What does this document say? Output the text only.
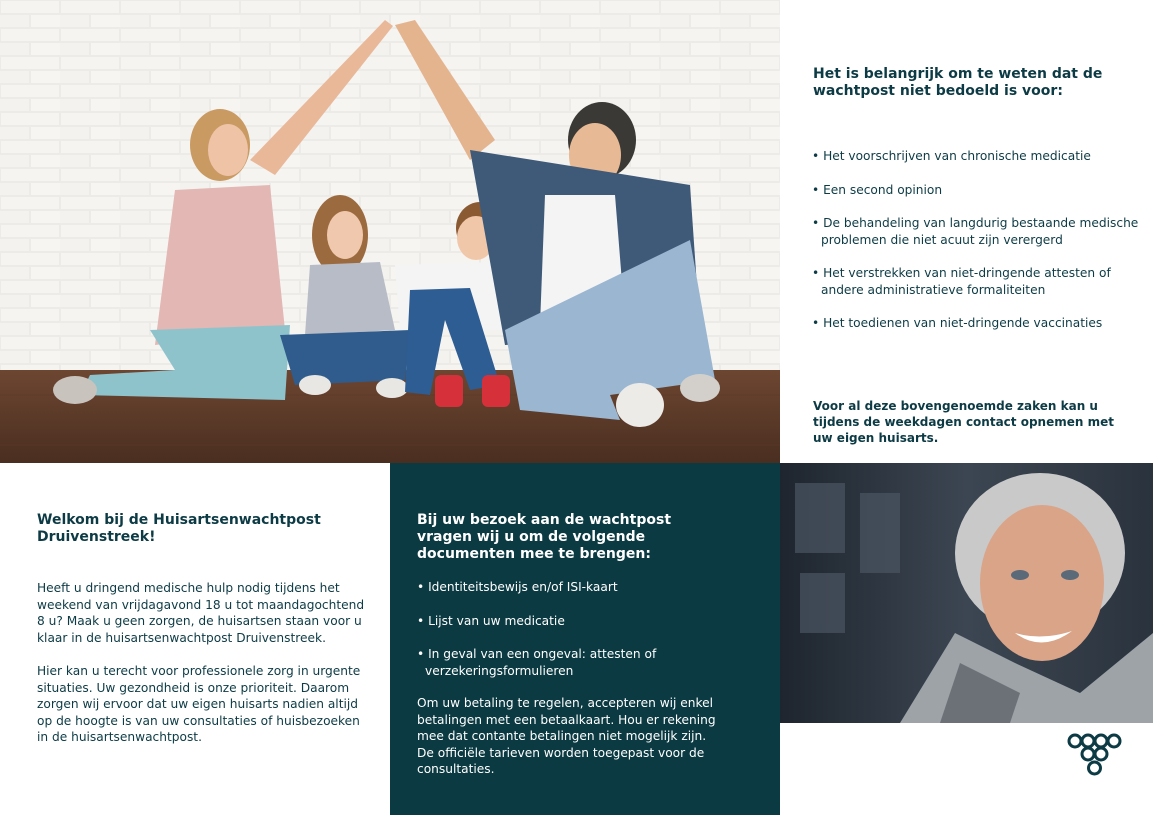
Het is belangrijk om te weten dat de wachtpost niet bedoeld is voor:
• Het voorschrijven van chronische medicatie
• Een second opinion
• De behandeling van langdurig bestaande medische problemen die niet acuut zijn verergerd
• Het verstrekken van niet-dringende attesten of andere administratieve formaliteiten
• Het toedienen van niet-dringende vaccinaties

Voor al deze bovengenoemde zaken kan u tijdens de weekdagen contact opnemen met uw eigen huisarts.

Welkom bij de Huisartsenwachtpost Druivenstreek!

Heeft u dringend medische hulp nodig tijdens het weekend van vrijdagavond 18 u tot maandagochtend 8 u? Maak u geen zorgen, de huisartsen staan voor u klaar in de huisartsenwachtpost Druivenstreek.

Hier kan u terecht voor professionele zorg in urgente situaties. Uw gezondheid is onze prioriteit. Daarom zorgen wij ervoor dat uw eigen huisarts nadien altijd op de hoogte is van uw consultaties of huisbezoeken in de huisartsenwachtpost.

Bij uw bezoek aan de wachtpost vragen wij u om de volgende documenten mee te brengen:
• Identiteitsbewijs en/of ISI-kaart
• Lijst van uw medicatie
• In geval van een ongeval: attesten of verzekeringsformulieren

Om uw betaling te regelen, accepteren wij enkel betalingen met een betaalkaart. Hou er rekening mee dat contante betalingen niet mogelijk zijn. De officiële tarieven worden toegepast voor de consultaties.
